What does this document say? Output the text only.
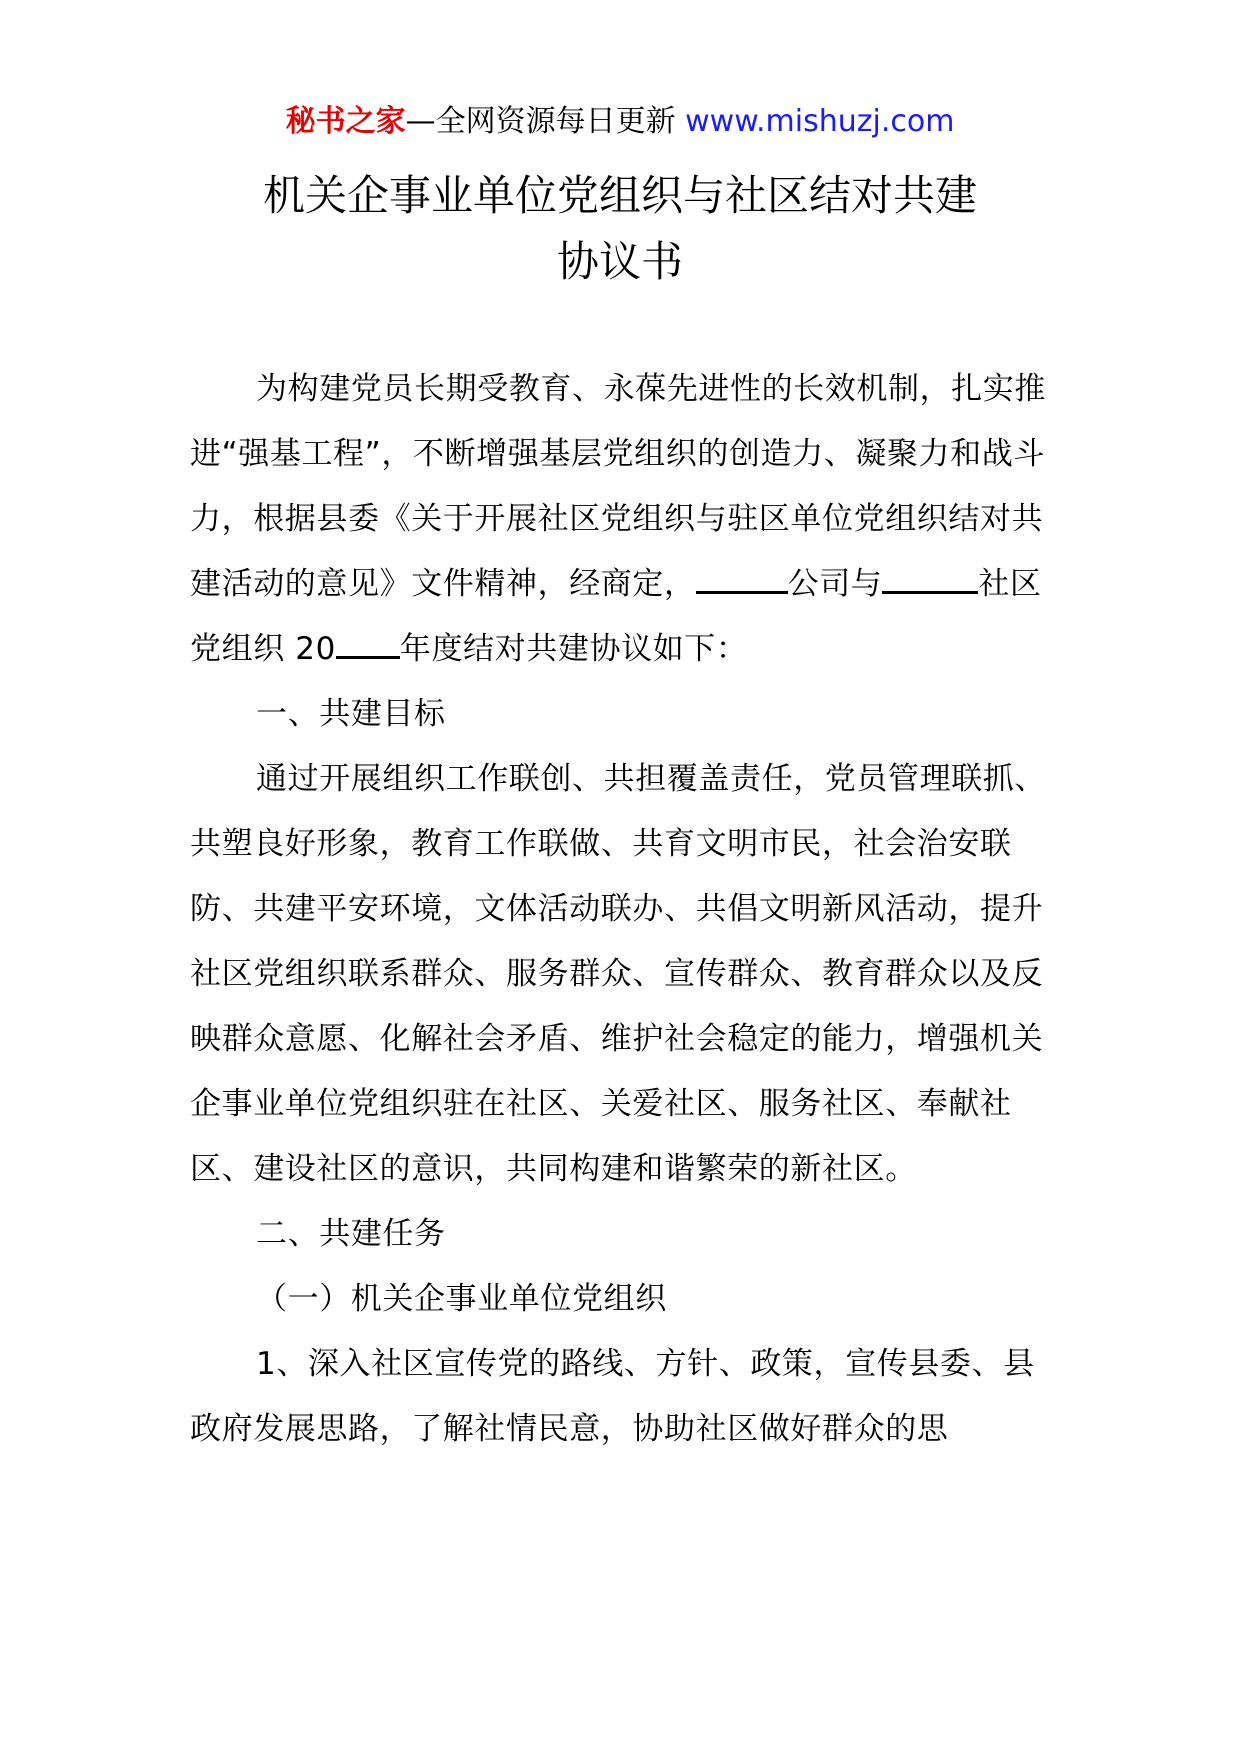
秘书之家—全网资源每日更新 www.mishuzj.com
机关企事业单位党组织与社区结对共建
协议书

为构建党员长期受教育、永葆先进性的长效机制，扎实推进“强基工程”，不断增强基层党组织的创造力、凝聚力和战斗力，根据县委《关于开展社区党组织与驻区单位党组织结对共建活动的意见》文件精神，经商定，	公司与	社区党组织 20 年度结对共建协议如下：

一、共建目标

通过开展组织工作联创、共担覆盖责任，党员管理联抓、共塑良好形象，教育工作联做、共育文明市民，社会治安联防、共建平安环境，文体活动联办、共倡文明新风活动，提升社区党组织联系群众、服务群众、宣传群众、教育群众以及反映群众意愿、化解社会矛盾、维护社会稳定的能力，增强机关企事业单位党组织驻在社区、关爱社区、服务社区、奉献社区、建设社区的意识，共同构建和谐繁荣的新社区。

二、共建任务

（一）机关企事业单位党组织

1、深入社区宣传党的路线、方针、政策，宣传县委、县政府发展思路，了解社情民意，协助社区做好群众的思
